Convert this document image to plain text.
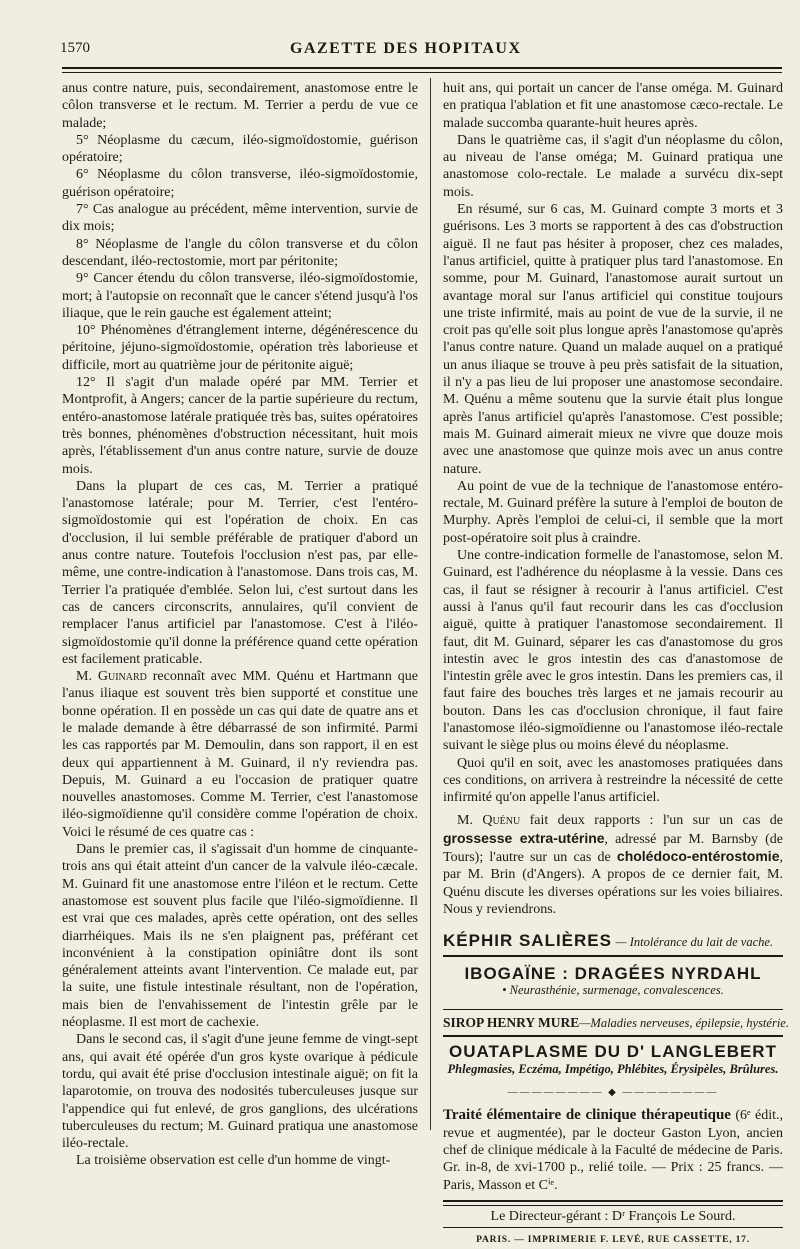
1570	GAZETTE DES HOPITAUX

anus contre nature, puis, secondairement, anastomose entre le côlon transverse et le rectum. M. Terrier a perdu de vue ce malade;

5° Néoplasme du cæcum, iléo-sigmoïdostomie, guérison opératoire;

6° Néoplasme du côlon transverse, iléo-sigmoïdostomie, guérison opératoire;

7° Cas analogue au précédent, même intervention, survie de dix mois;

8° Néoplasme de l'angle du côlon transverse et du côlon descendant, iléo-rectostomie, mort par péritonite;

9° Cancer étendu du côlon transverse, iléo-sigmoïdostomie, mort; à l'autopsie on reconnaît que le cancer s'étend jusqu'à l'os iliaque, que le rein gauche est également atteint;

10° Phénomènes d'étranglement interne, dégénérescence du péritoine, jéjuno-sigmoïdostomie, opération très laborieuse et difficile, mort au quatrième jour de péritonite aiguë;

12° Il s'agit d'un malade opéré par MM. Terrier et Montprofit, à Angers; cancer de la partie supérieure du rectum, entéro-anastomose latérale pratiquée très bas, suites opératoires très bonnes, phénomènes d'obstruction nécessitant, huit mois après, l'établissement d'un anus contre nature, survie de douze mois.

Dans la plupart de ces cas, M. Terrier a pratiqué l'anastomose latérale; pour M. Terrier, c'est l'entéro-sigmoïdostomie qui est l'opération de choix. En cas d'occlusion, il lui semble préférable de pratiquer d'abord un anus contre nature. Toutefois l'occlusion n'est pas, par elle-même, une contre-indication à l'anastomose. Dans trois cas, M. Terrier l'a pratiquée d'emblée. Selon lui, c'est surtout dans les cas de cancers circonscrits, annulaires, qu'il convient de remplacer l'anus artificiel par l'anastomose. C'est à l'iléo-sigmoïdostomie qu'il donne la préférence quand cette opération est facilement praticable.

M. Guinard reconnaît avec MM. Quénu et Hartmann que l'anus iliaque est souvent très bien supporté et constitue une bonne opération. Il en possède un cas qui date de quatre ans et le malade demande à être débarrassé de son infirmité. Parmi les cas rapportés par M. Demoulin, dans son rapport, il en est deux qui appartiennent à M. Guinard, il n'y reviendra pas. Depuis, M. Guinard a eu l'occasion de pratiquer quatre nouvelles anastomoses. Comme M. Terrier, c'est l'anastomose iléo-sigmoïdienne qu'il considère comme l'opération de choix. Voici le résumé de ces quatre cas :

Dans le premier cas, il s'agissait d'un homme de cinquante-trois ans qui était atteint d'un cancer de la valvule iléo-cæcale. M. Guinard fit une anastomose entre l'iléon et le rectum. Cette anastomose est souvent plus facile que l'iléo-sigmoïdienne. Il est vrai que ces malades, après cette opération, ont des selles diarrhéiques. Mais ils ne s'en plaignent pas, préférant cet inconvénient à la constipation opiniâtre dont ils sont généralement atteints avant l'intervention. Ce malade eut, par la suite, une fistule intestinale résultant, non de l'opération, mais bien de l'envahissement de l'intestin grêle par le néoplasme. Il est mort de cachexie.

Dans le second cas, il s'agit d'une jeune femme de vingt-sept ans, qui avait été opérée d'un gros kyste ovarique à pédicule tordu, qui avait été prise d'occlusion intestinale aiguë; on fit la laparotomie, on trouva des nodosités tuberculeuses jusque sur l'appendice qui fut enlevé, de gros ganglions, des ulcérations tuberculeuses du rectum; M. Guinard pratiqua une anastomose iléo-rectale.

La troisième observation est celle d'un homme de vingt-

huit ans, qui portait un cancer de l'anse oméga. M. Guinard en pratiqua l'ablation et fit une anastomose cæco-rectale. Le malade succomba quarante-huit heures après.

Dans le quatrième cas, il s'agit d'un néoplasme du côlon, au niveau de l'anse oméga; M. Guinard pratiqua une anastomose colo-rectale. Le malade a survécu dix-sept mois.

En résumé, sur 6 cas, M. Guinard compte 3 morts et 3 guérisons. Les 3 morts se rapportent à des cas d'obstruction aiguë. Il ne faut pas hésiter à proposer, chez ces malades, l'anus artificiel, quitte à pratiquer plus tard l'anastomose. En somme, pour M. Guinard, l'anastomose aurait surtout un avantage moral sur l'anus artificiel qui constitue toujours une triste infirmité, mais au point de vue de la survie, il ne croit pas qu'elle soit plus longue après l'anastomose qu'après l'anus contre nature. Quand un malade auquel on a pratiqué un anus iliaque se trouve à peu près satisfait de la situation, il n'y a pas lieu de lui proposer une anastomose secondaire. M. Quénu a même soutenu que la survie était plus longue après l'anus artificiel qu'après l'anastomose. C'est possible; mais M. Guinard aimerait mieux ne vivre que douze mois avec une anastomose que quinze mois avec un anus contre nature.

Au point de vue de la technique de l'anastomose entéro-rectale, M. Guinard préfère la suture à l'emploi de bouton de Murphy. Après l'emploi de celui-ci, il semble que la mort post-opératoire soit plus à craindre.

Une contre-indication formelle de l'anastomose, selon M. Guinard, est l'adhérence du néoplasme à la vessie. Dans ces cas, il faut se résigner à recourir à l'anus artificiel. C'est aussi à l'anus qu'il faut recourir dans les cas d'occlusion aiguë, quitte à pratiquer l'anastomose secondairement. Il faut, dit M. Guinard, séparer les cas d'anastomose du gros intestin avec le gros intestin des cas d'anastomose de l'intestin grêle avec le gros intestin. Dans les premiers cas, il faut faire des bouches très larges et ne jamais recourir au bouton. Dans les cas d'occlusion chronique, il faut faire l'anastomose iléo-sigmoïdienne ou l'anastomose iléo-rectale suivant le siège plus ou moins élevé du néoplasme.

Quoi qu'il en soit, avec les anastomoses pratiquées dans ces conditions, on arrivera à restreindre la nécessité de cette infirmité qu'on appelle l'anus artificiel.

M. Quénu fait deux rapports : l'un sur un cas de grossesse extra-utérine, adressé par M. Barnsby (de Tours); l'autre sur un cas de cholédoco-entérostomie, par M. Brin (d'Angers). A propos de ce dernier fait, M. Quénu discute les diverses opérations sur les voies biliaires. Nous y reviendrons.

KÉPHIR SALIÈRES — Intolérance du lait de vache.
IBOGAÏNE : DRAGÉES NYRDAHL
• Neurasthénie, surmenage, convalescences.
SIROP HENRY MURE—Maladies nerveuses, épilepsie, hystérie.
OUATAPLASME DU D' LANGLEBERT
Phlegmasies, Eczéma, Impétigo, Phlébites, Érysipèles, Brûlures.
———————— ◆ ————————

Traité élémentaire de clinique thérapeutique (6ᵉ édit., revue et augmentée), par le docteur Gaston Lyon, ancien chef de clinique médicale à la Faculté de médecine de Paris. Gr. in-8, de xvi-1700 p., relié toile. — Prix : 25 francs. — Paris, Masson et Cⁱᵉ.

Le Directeur-gérant : Dʳ François Le Sourd.
PARIS. — IMPRIMERIE F. LEVÉ, RUE CASSETTE, 17.
